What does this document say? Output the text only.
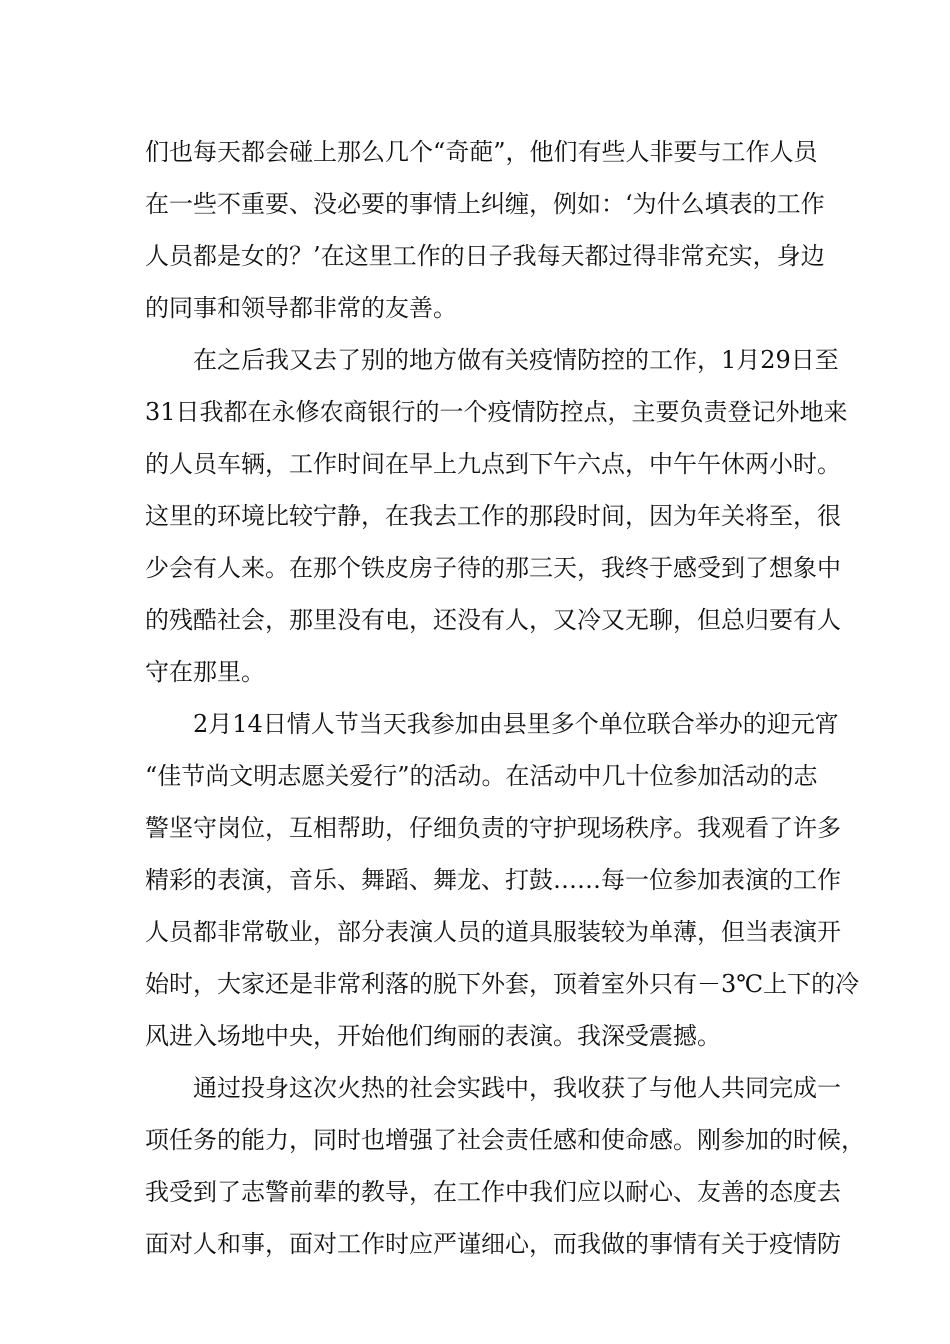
们也每天都会碰上那么几个“奇葩”，他们有些人非要与工作人员
在一些不重要、没必要的事情上纠缠，例如：‘为什么填表的工作
人员都是女的？’在这里工作的日子我每天都过得非常充实，身边
的同事和领导都非常的友善。
　　在之后我又去了别的地方做有关疫情防控的工作，1月29日至
31日我都在永修农商银行的一个疫情防控点，主要负责登记外地来
的人员车辆，工作时间在早上九点到下午六点，中午午休两小时。
这里的环境比较宁静，在我去工作的那段时间，因为年关将至，很
少会有人来。在那个铁皮房子待的那三天，我终于感受到了想象中
的残酷社会，那里没有电，还没有人，又冷又无聊，但总归要有人
守在那里。
　　2月14日情人节当天我参加由县里多个单位联合举办的迎元宵
“佳节尚文明志愿关爱行”的活动。在活动中几十位参加活动的志
警坚守岗位，互相帮助，仔细负责的守护现场秩序。我观看了许多
精彩的表演，音乐、舞蹈、舞龙、打鼓……每一位参加表演的工作
人员都非常敬业，部分表演人员的道具服装较为单薄，但当表演开
始时，大家还是非常利落的脱下外套，顶着室外只有－3℃上下的冷
风进入场地中央，开始他们绚丽的表演。我深受震撼。
　　通过投身这次火热的社会实践中，我收获了与他人共同完成一
项任务的能力，同时也增强了社会责任感和使命感。刚参加的时候，
我受到了志警前辈的教导，在工作中我们应以耐心、友善的态度去
面对人和事，面对工作时应严谨细心，而我做的事情有关于疫情防
